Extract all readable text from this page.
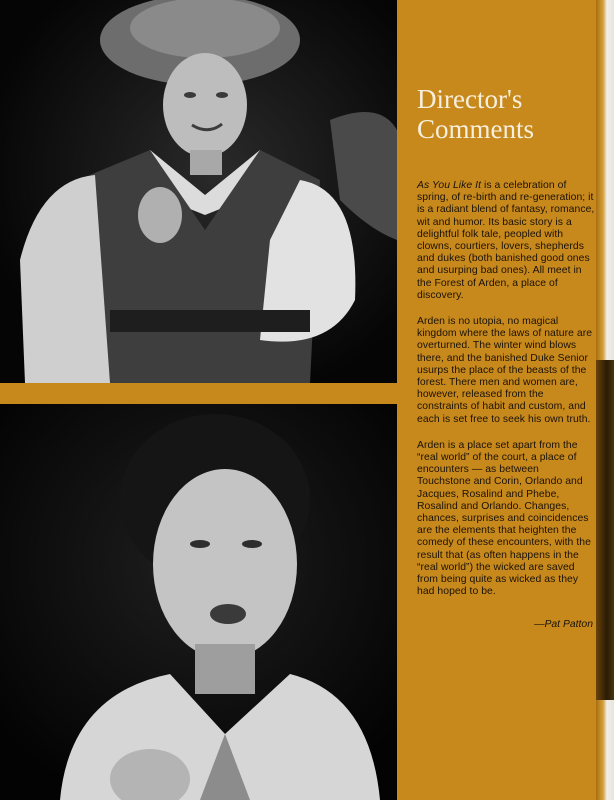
Director's
Comments

As You Like It is a celebration of spring, of re-birth and re-generation; it is a radiant blend of fantasy, romance, wit and humor. Its basic story is a delightful folk tale, peopled with clowns, courtiers, lovers, shepherds and dukes (both banished good ones and usurping bad ones). All meet in the Forest of Arden, a place of discovery.

Arden is no utopia, no magical kingdom where the laws of nature are overturned. The winter wind blows there, and the banished Duke Senior usurps the place of the beasts of the forest. There men and women are, however, released from the constraints of habit and custom, and each is set free to seek his own truth.

Arden is a place set apart from the “real world” of the court, a place of encounters — as between Touchstone and Corin, Orlando and Jacques, Rosalind and Phebe, Rosalind and Orlando. Changes, chances, surprises and coincidences are the elements that heighten the comedy of these encounters, with the result that (as often happens in the “real world”) the wicked are saved from being quite as wicked as they had hoped to be.

—Pat Patton
